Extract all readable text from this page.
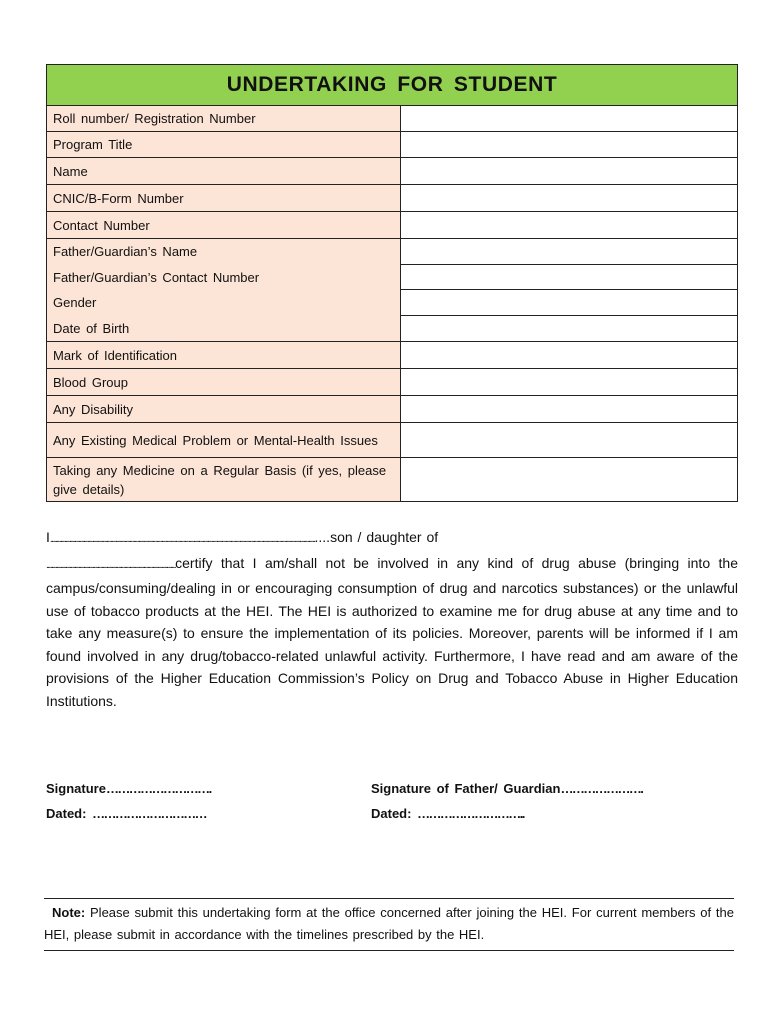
UNDERTAKING FOR STUDENT
Roll number/ Registration Number
Program Title
Name
CNIC/B-Form Number
Contact Number
Father/Guardian’s Name
Father/Guardian’s Contact Number
Gender
Date of Birth
Mark of Identification
Blood Group
Any Disability
Any Existing Medical Problem or Mental-Health Issues
Taking any Medicine on a Regular Basis (if yes, please give details)
I...................................................................................................................................................................................................................son / daughter of
.....................................................................................................certify that I am/shall not be involved in any kind of drug abuse (bringing into the campus/consuming/dealing in or encouraging consumption of drug and narcotics substances) or the unlawful use of tobacco products at the HEI. The HEI is authorized to examine me for drug abuse at any time and to take any measure(s) to ensure the implementation of its policies. Moreover, parents will be informed if I am found involved in any drug/tobacco-related unlawful activity. Furthermore, I have read and am aware of the provisions of the Higher Education Commission’s Policy on Drug and Tobacco Abuse in Higher Education Institutions.
Signature……………………….
Dated: …………………………
Signature of Father/ Guardian………………….
Dated: ………………………..
Note: Please submit this undertaking form at the office concerned after joining the HEI. For current members of the HEI, please submit in accordance with the timelines prescribed by the HEI.
